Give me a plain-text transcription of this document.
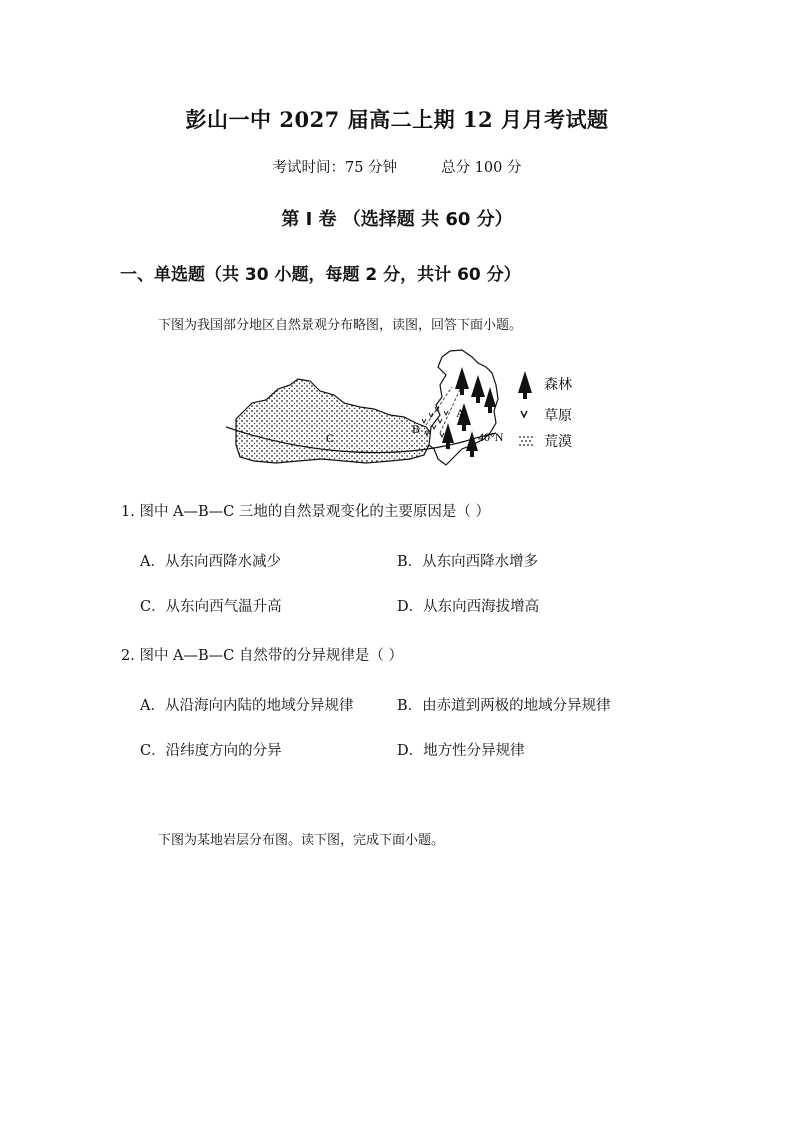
彭山一中 2027 届高二上期 12 月月考试题
考试时间：75 分钟	总分 100 分
第 Ⅰ 卷 （选择题 共 60 分）
一、单选题（共 30 小题，每题 2 分，共计 60 分）
下图为我国部分地区自然景观分布略图，读图，回答下面小题。
C
B
A
40°N
森林
草原
荒漠
1. 图中 A—B—C 三地的自然景观变化的主要原因是（ ）
A．从东向西降水减少	B．从东向西降水增多
C．从东向西气温升高	D．从东向西海拔增高
2. 图中 A—B—C 自然带的分异规律是（ ）
A．从沿海向内陆的地域分异规律	B．由赤道到两极的地域分异规律
C．沿纬度方向的分异	D．地方性分异规律
下图为某地岩层分布图。读下图，完成下面小题。
